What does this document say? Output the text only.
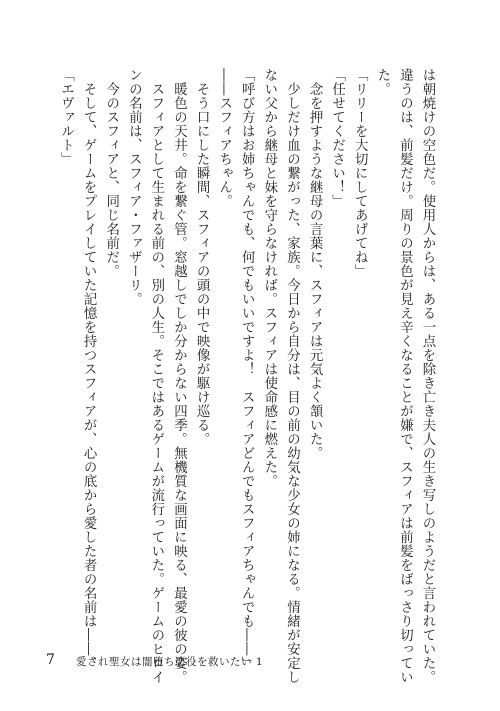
は朝焼けの空色だ。使用人からは、ある一点を除き亡き夫人の生き写しのようだと言われていた。
違うのは、前髪だけ。周りの景色が見え辛くなることが嫌で、スフィアは前髪をばっさり切ってい
た。
「リリーを大切にしてあげてね」
「任せてください！」
　念を押すような継母の言葉に、スフィアは元気よく頷いた。
　少しだけ血の繋がった、家族。今日から自分は、目の前の幼気な少女の姉になる。情緒が安定し
ない父から継母と妹を守らなければ。スフィアは使命感に燃えた。
「呼び方はお姉ちゃんでも、何でもいいですよ！　スフィアどんでもスフィアちゃんでも――」
――スフィアちゃん。
　そう口にした瞬間、スフィアの頭の中で映像が駆け巡る。
　暖色の天井。命を繋ぐ管。窓越しでしか分からない四季。無機質な画面に映る、最愛の彼の姿。
　スフィアとして生まれる前の、別の人生。そこではあるゲームが流行っていた。ゲームのヒロイ
ンの名前は、スフィア・ファザーリ。
　今のスフィアと、同じ名前だ。
　そして、ゲームをプレイしていた記憶を持つスフィアが、心の底から愛した者の名前は――、
「エヴァルト」
7 愛され聖女は闇堕ち悪役を救いたい 1
